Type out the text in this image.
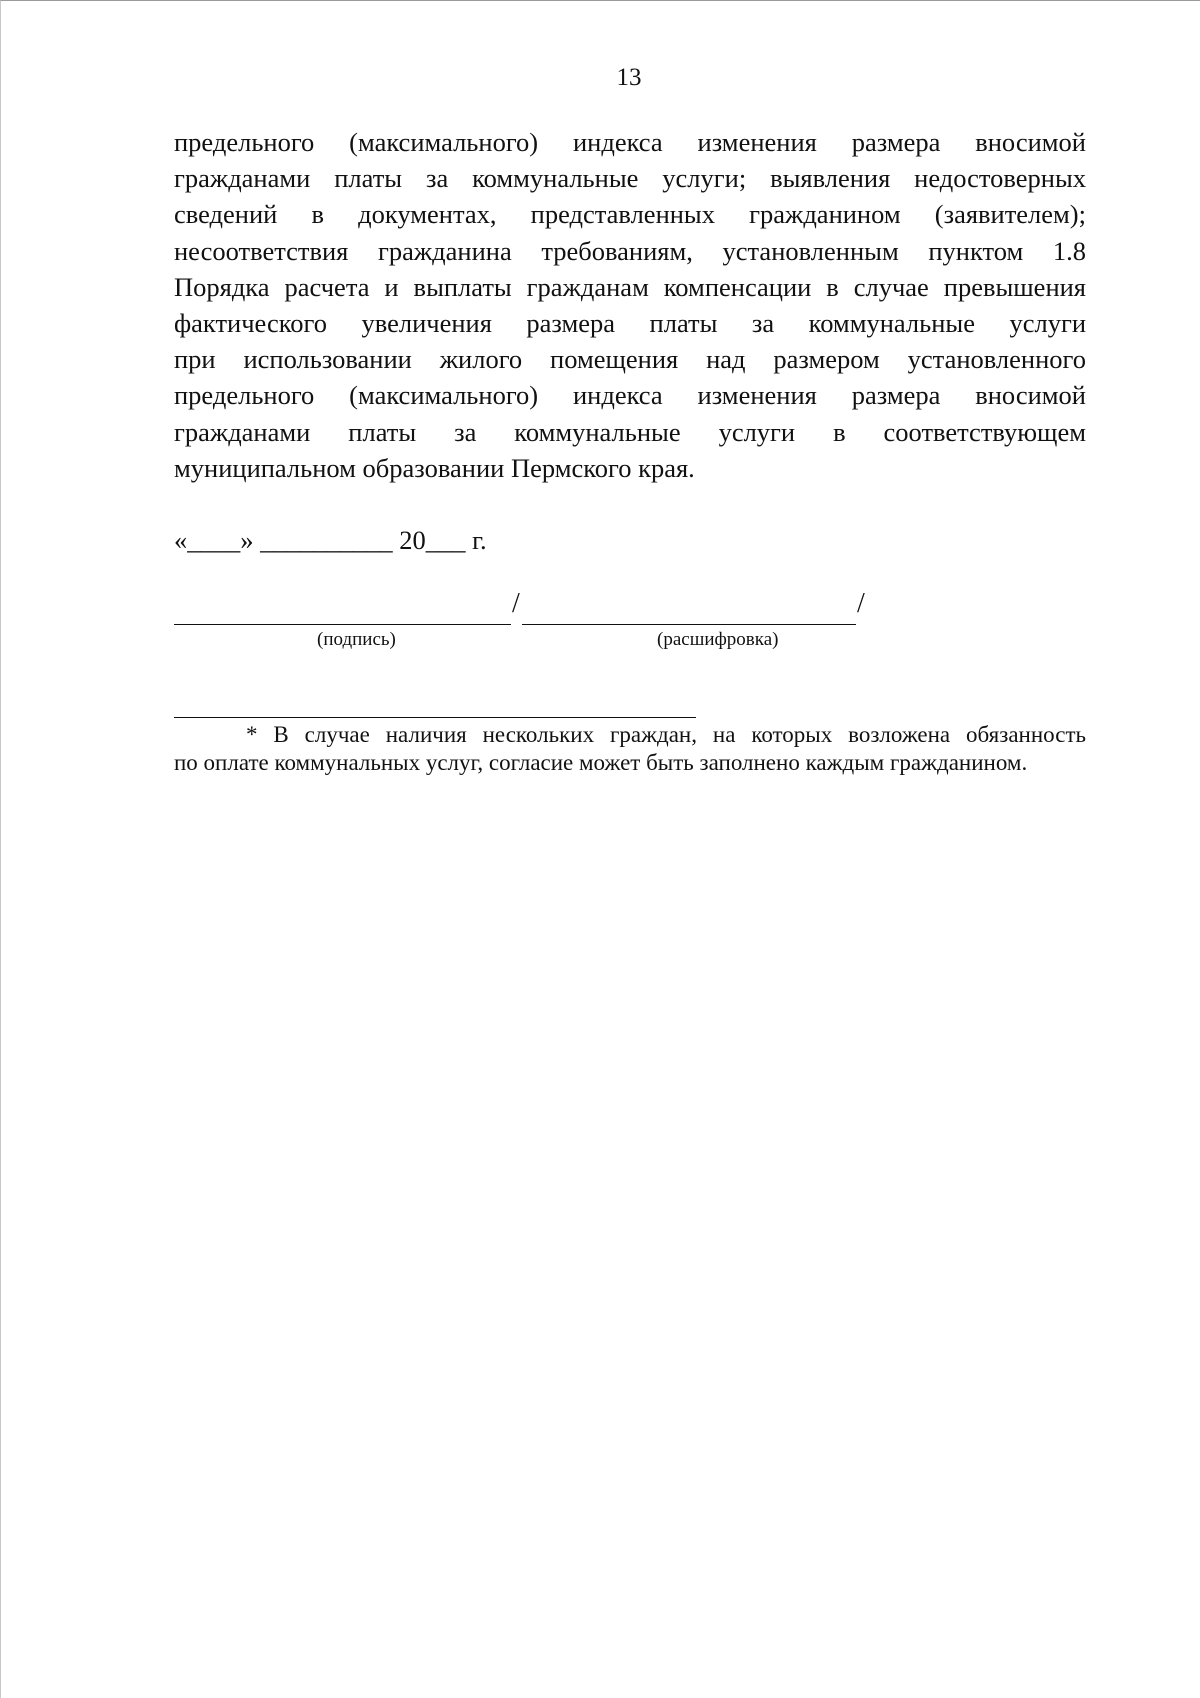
13
предельного (максимального) индекса изменения размера вносимой
гражданами платы за коммунальные услуги; выявления недостоверных
сведений в документах, представленных гражданином (заявителем);
несоответствия гражданина требованиям, установленным пунктом 1.8
Порядка расчета и выплаты гражданам компенсации в случае превышения
фактического увеличения размера платы за коммунальные услуги
при использовании жилого помещения над размером установленного
предельного (максимального) индекса изменения размера вносимой
гражданами платы за коммунальные услуги в соответствующем
муниципальном образовании Пермского края.
«____» __________ 20___ г.
/	/
(подпись)	(расшифровка)
* В случае наличия нескольких граждан, на которых возложена обязанность
по оплате коммунальных услуг, согласие может быть заполнено каждым гражданином.
